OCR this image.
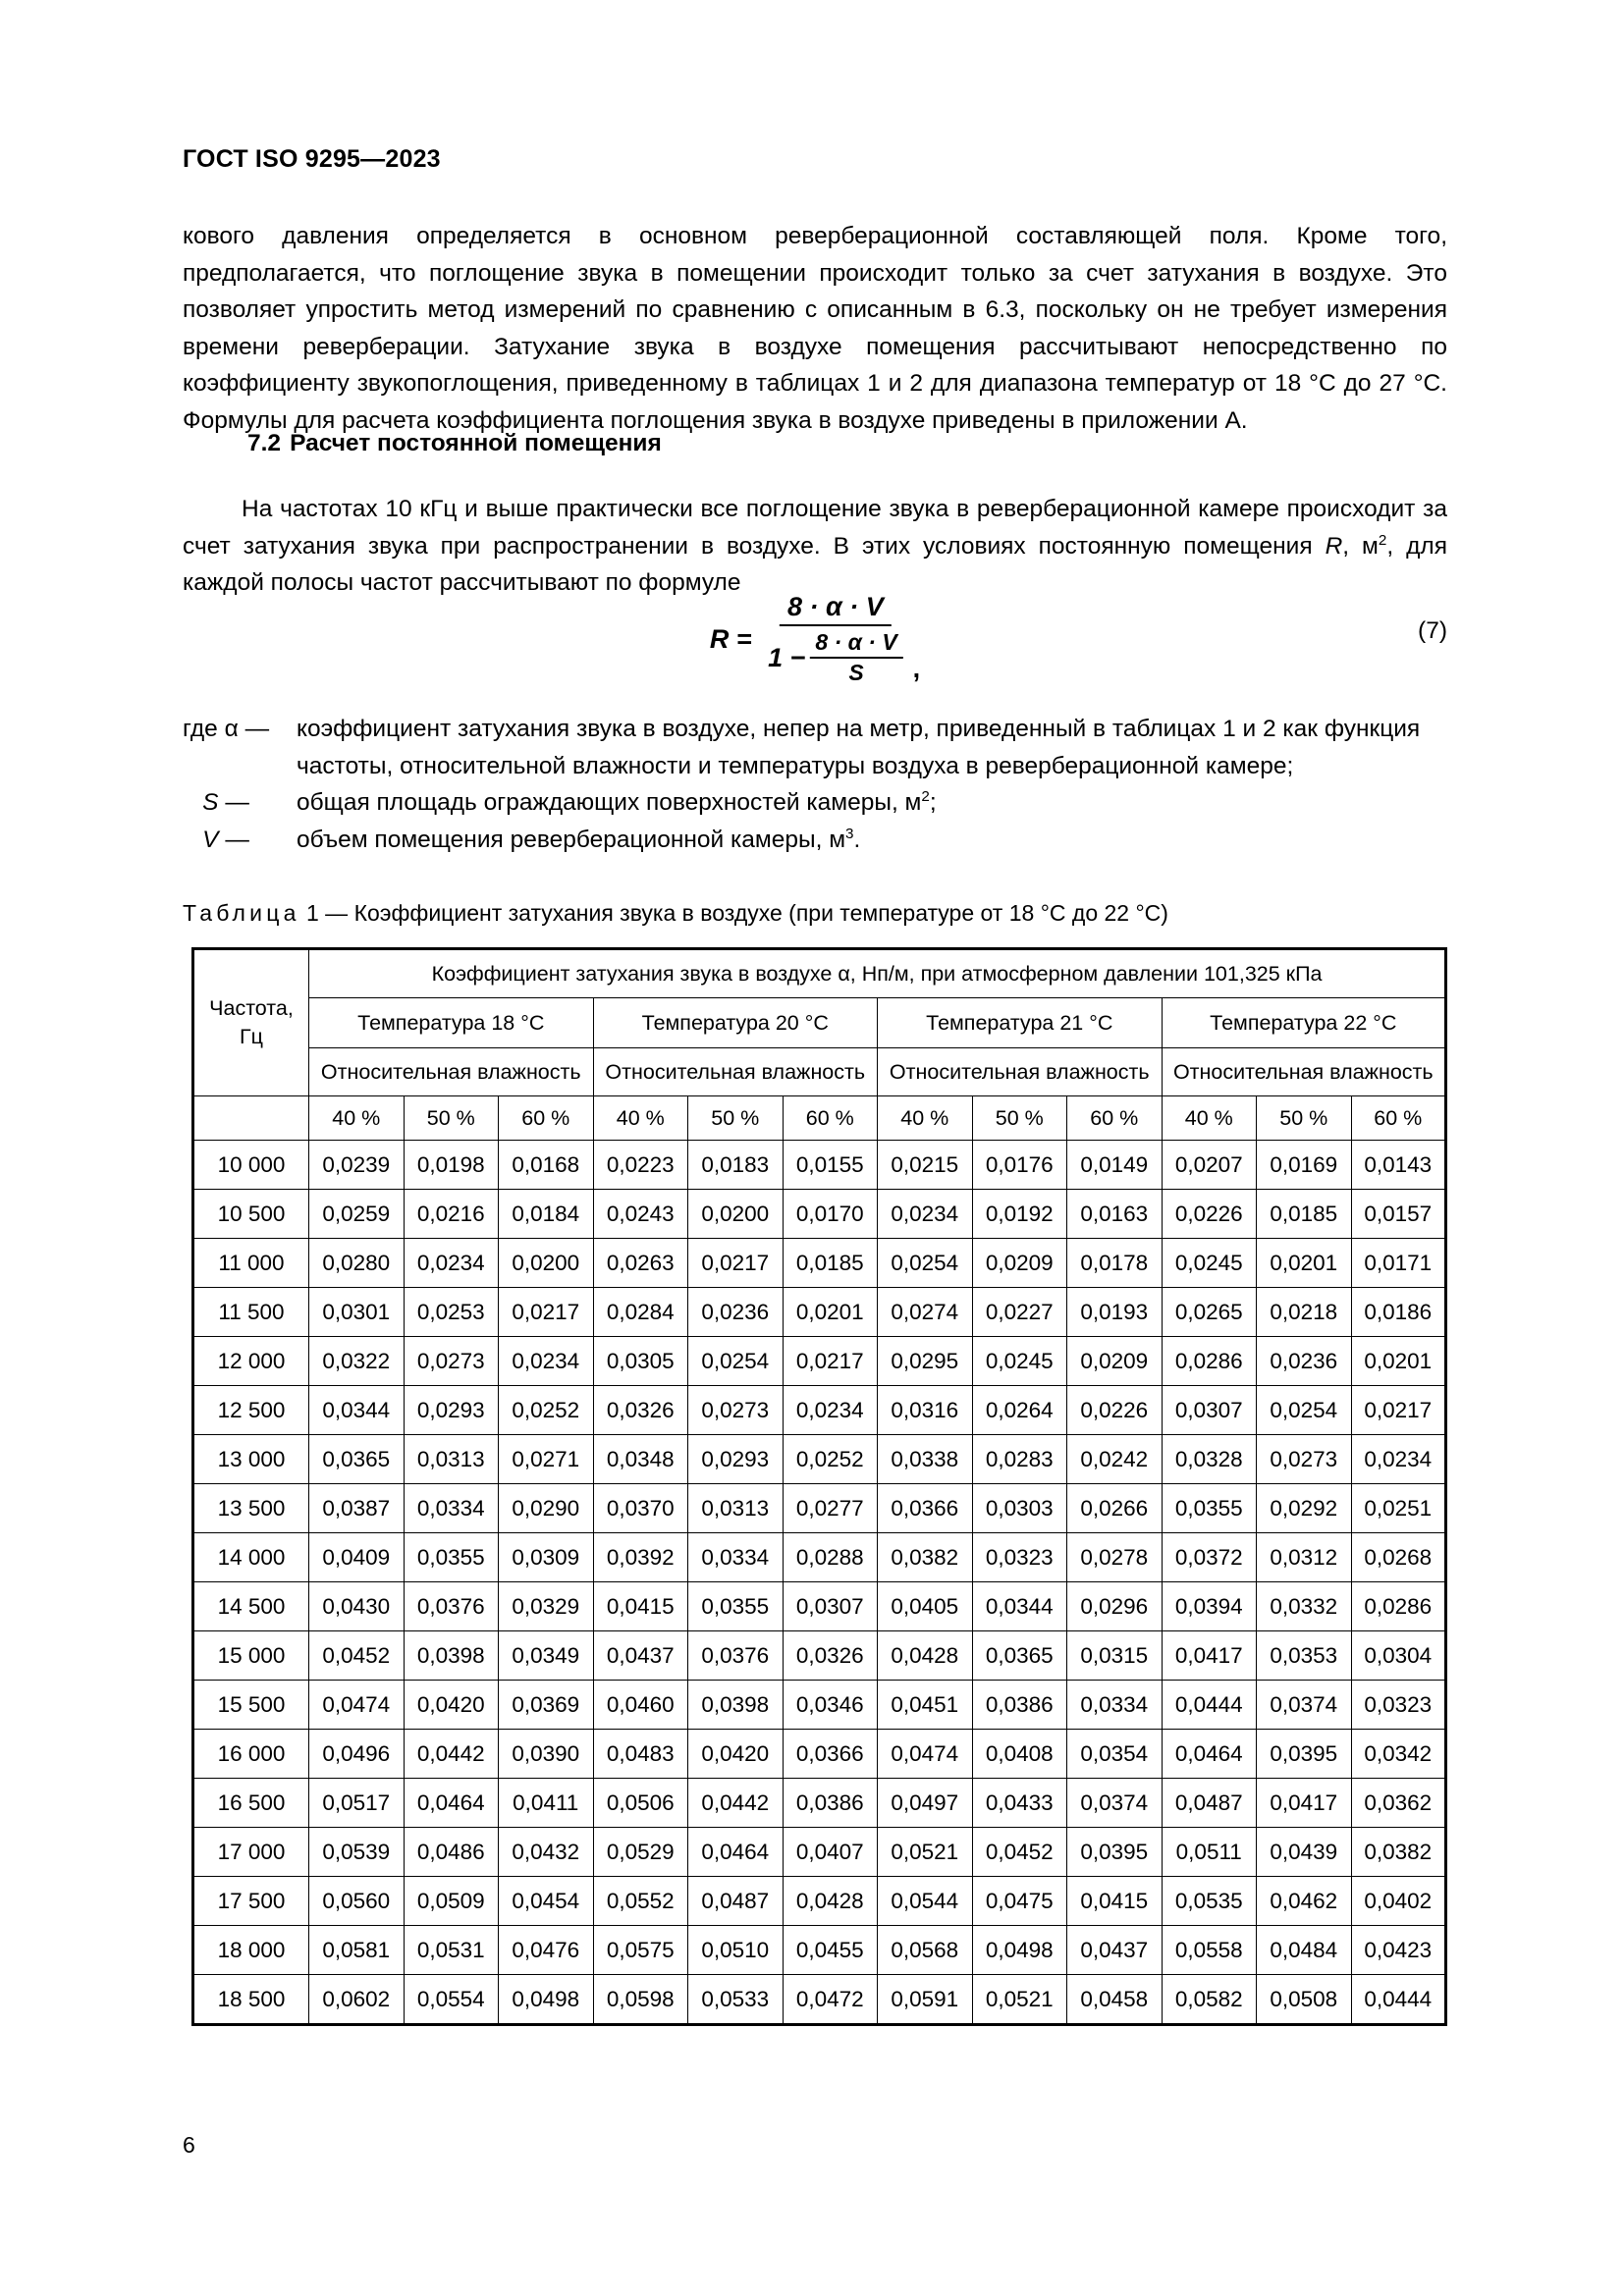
ГОСТ ISO 9295—2023
кового давления определяется в основном реверберационной составляющей поля. Кроме того, предполагается, что поглощение звука в помещении происходит только за счет затухания в воздухе. Это позволяет упростить метод измерений по сравнению с описанным в 6.3, поскольку он не требует измерения времени реверберации. Затухание звука в воздухе помещения рассчитывают непосредственно по коэффициенту звукопоглощения, приведенному в таблицах 1 и 2 для диапазона температур от 18 °C до 27 °C. Формулы для расчета коэффициента поглощения звука в воздухе приведены в приложении А.
7.2 Расчет постоянной помещения
На частотах 10 кГц и выше практически все поглощение звука в реверберационной камере происходит за счет затухания звука при распространении в воздухе. В этих условиях постоянную помещения R, $м^2$, для каждой полосы частот рассчитывают по формуле
$R = \frac{8 \cdot \alpha \cdot V}{1 - \frac{8 \cdot \alpha \cdot V}{S}}$ ,
(7)
где α —	коэффициент затухания звука в воздухе, непер на метр, приведенный в таблицах 1 и 2 как функция частоты, относительной влажности и температуры воздуха в реверберационной камере;
S —	общая площадь ограждающих поверхностей камеры, $м^2$;
V —	объем помещения реверберационной камеры, $м^3$.
Таблица 1 — Коэффициент затухания звука в воздухе (при температуре от 18 °C до 22 °C)
Частота,
Гц	Коэффициент затухания звука в воздухе α, Нп/м, при атмосферном давлении 101,325 кПа											
	Температура 18 °C			Температура 20 °C			Температура 21 °C			Температура 22 °C		
	Относительная влажность			Относительная влажность			Относительная влажность			Относительная влажность		
	40 %	50 %	60 %	40 %	50 %	60 %	40 %	50 %	60 %	40 %	50 %	60 %
10 000	0,0239	0,0198	0,0168	0,0223	0,0183	0,0155	0,0215	0,0176	0,0149	0,0207	0,0169	0,0143
10 500	0,0259	0,0216	0,0184	0,0243	0,0200	0,0170	0,0234	0,0192	0,0163	0,0226	0,0185	0,0157
11 000	0,0280	0,0234	0,0200	0,0263	0,0217	0,0185	0,0254	0,0209	0,0178	0,0245	0,0201	0,0171
11 500	0,0301	0,0253	0,0217	0,0284	0,0236	0,0201	0,0274	0,0227	0,0193	0,0265	0,0218	0,0186
12 000	0,0322	0,0273	0,0234	0,0305	0,0254	0,0217	0,0295	0,0245	0,0209	0,0286	0,0236	0,0201
12 500	0,0344	0,0293	0,0252	0,0326	0,0273	0,0234	0,0316	0,0264	0,0226	0,0307	0,0254	0,0217
13 000	0,0365	0,0313	0,0271	0,0348	0,0293	0,0252	0,0338	0,0283	0,0242	0,0328	0,0273	0,0234
13 500	0,0387	0,0334	0,0290	0,0370	0,0313	0,0277	0,0366	0,0303	0,0266	0,0355	0,0292	0,0251
14 000	0,0409	0,0355	0,0309	0,0392	0,0334	0,0288	0,0382	0,0323	0,0278	0,0372	0,0312	0,0268
14 500	0,0430	0,0376	0,0329	0,0415	0,0355	0,0307	0,0405	0,0344	0,0296	0,0394	0,0332	0,0286
15 000	0,0452	0,0398	0,0349	0,0437	0,0376	0,0326	0,0428	0,0365	0,0315	0,0417	0,0353	0,0304
15 500	0,0474	0,0420	0,0369	0,0460	0,0398	0,0346	0,0451	0,0386	0,0334	0,0444	0,0374	0,0323
16 000	0,0496	0,0442	0,0390	0,0483	0,0420	0,0366	0,0474	0,0408	0,0354	0,0464	0,0395	0,0342
16 500	0,0517	0,0464	0,0411	0,0506	0,0442	0,0386	0,0497	0,0433	0,0374	0,0487	0,0417	0,0362
17 000	0,0539	0,0486	0,0432	0,0529	0,0464	0,0407	0,0521	0,0452	0,0395	0,0511	0,0439	0,0382
17 500	0,0560	0,0509	0,0454	0,0552	0,0487	0,0428	0,0544	0,0475	0,0415	0,0535	0,0462	0,0402
18 000	0,0581	0,0531	0,0476	0,0575	0,0510	0,0455	0,0568	0,0498	0,0437	0,0558	0,0484	0,0423
18 500	0,0602	0,0554	0,0498	0,0598	0,0533	0,0472	0,0591	0,0521	0,0458	0,0582	0,0508	0,0444
6
